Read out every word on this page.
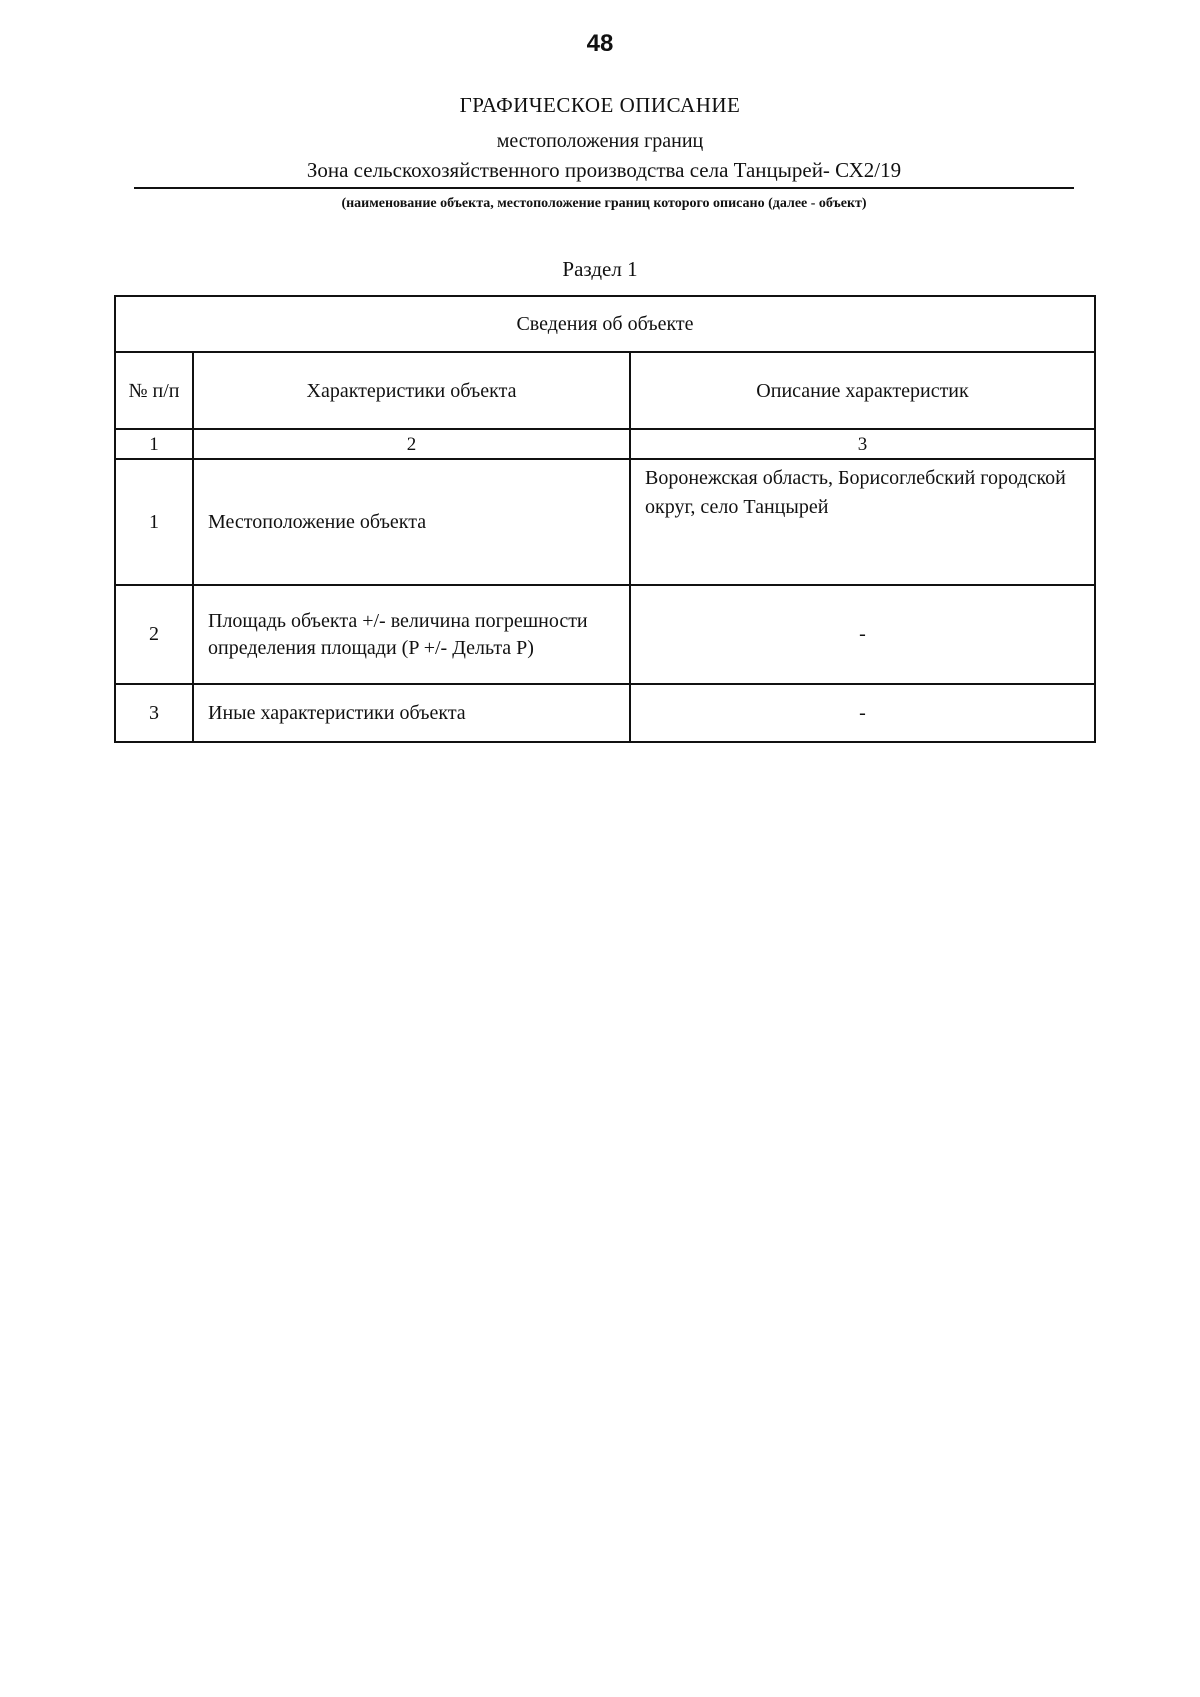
48
ГРАФИЧЕСКОЕ ОПИСАНИЕ
местоположения границ
Зона сельскохозяйственного производства села Танцырей- СХ2/19
(наименование объекта, местоположение границ которого описано (далее - объект)
Раздел 1
Сведения об объекте		
№ п/п	Характеристики объекта	Описание характеристик
1	2	3
1	Местоположение объекта	Воронежская область, Борисоглебский городской округ, село Танцырей
2	Площадь объекта +/- величина погрешности определения площади (P +/- Дельта P)	-
3	Иные характеристики объекта	-
